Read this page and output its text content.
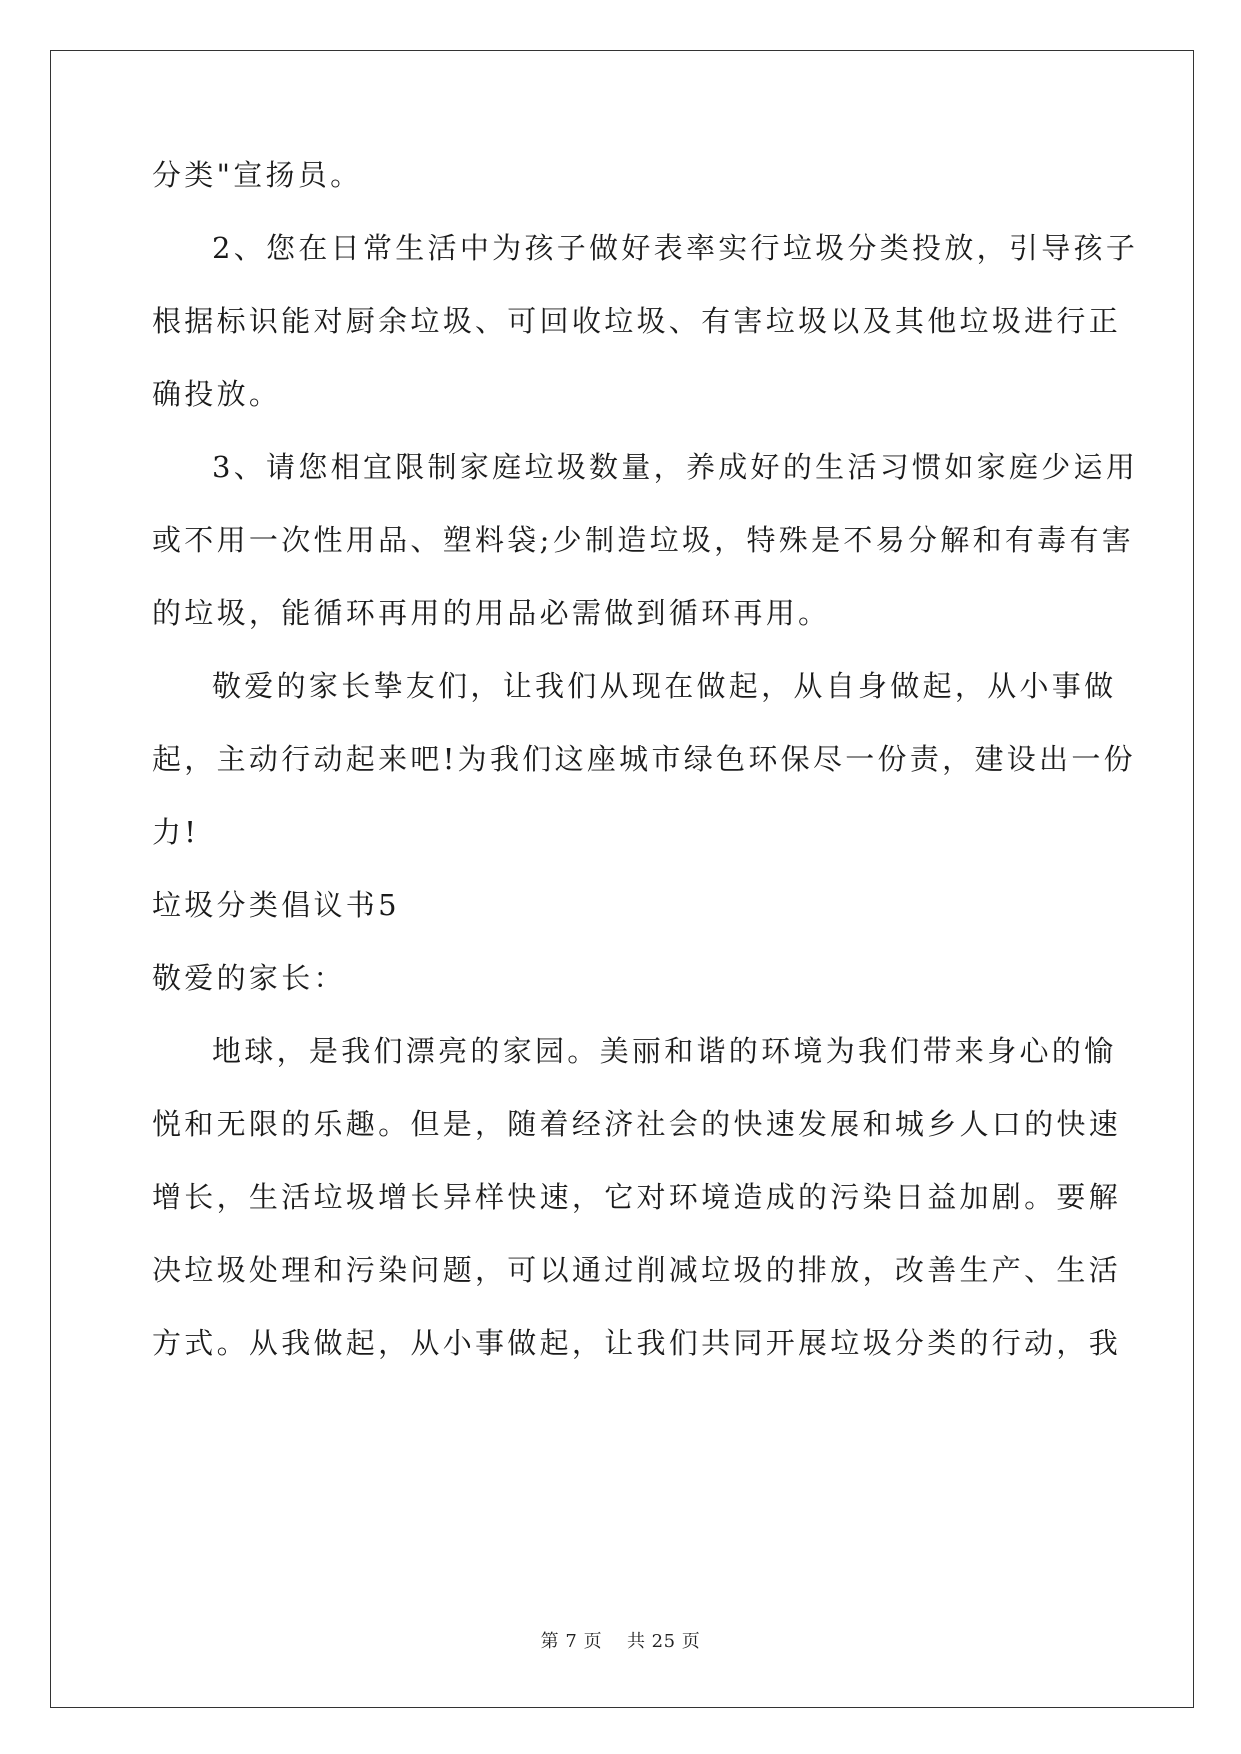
分类"宣扬员。
2、您在日常生活中为孩子做好表率实行垃圾分类投放，引导孩子
根据标识能对厨余垃圾、可回收垃圾、有害垃圾以及其他垃圾进行正
确投放。
3、请您相宜限制家庭垃圾数量，养成好的生活习惯如家庭少运用
或不用一次性用品、塑料袋;少制造垃圾，特殊是不易分解和有毒有害
的垃圾，能循环再用的用品必需做到循环再用。
敬爱的家长挚友们，让我们从现在做起，从自身做起，从小事做
起，主动行动起来吧!为我们这座城市绿色环保尽一份责，建设出一份
力!
垃圾分类倡议书5
敬爱的家长：
地球，是我们漂亮的家园。美丽和谐的环境为我们带来身心的愉
悦和无限的乐趣。但是，随着经济社会的快速发展和城乡人口的快速
增长，生活垃圾增长异样快速，它对环境造成的污染日益加剧。要解
决垃圾处理和污染问题，可以通过削减垃圾的排放，改善生产、生活
方式。从我做起，从小事做起，让我们共同开展垃圾分类的行动，我
第 7 页    共 25 页
